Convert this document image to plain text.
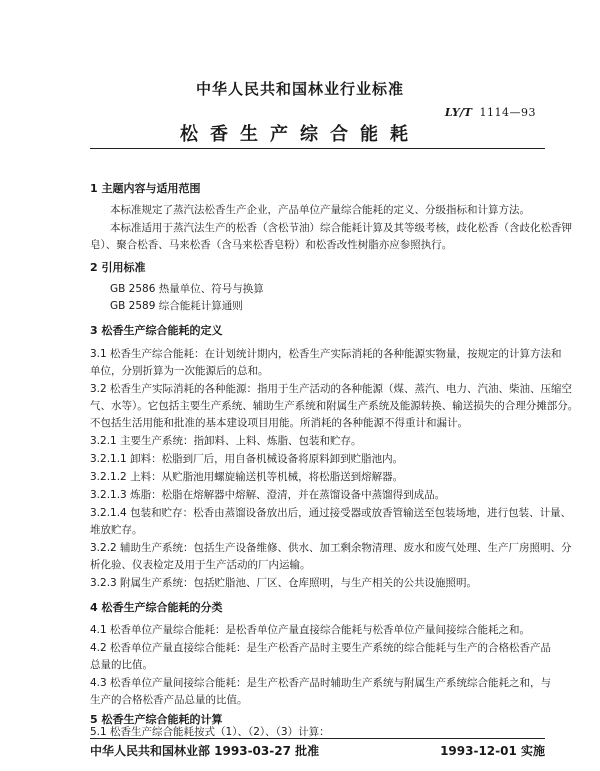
中华人民共和国林业行业标准
LY/T 1114—93
松香生产综合能耗
1 主题内容与适用范围
本标准规定了蒸汽法松香生产企业，产品单位产量综合能耗的定义、分级指标和计算方法。
本标准适用于蒸汽法生产的松香（含松节油）综合能耗计算及其等级考核，歧化松香（含歧化松香钾
皂）、聚合松香、马来松香（含马来松香皂粉）和松香改性树脂亦应参照执行。
2 引用标准
GB 2586 热量单位、符号与换算
GB 2589 综合能耗计算通则
3 松香生产综合能耗的定义
3.1 松香生产综合能耗：在计划统计期内，松香生产实际消耗的各种能源实物量，按规定的计算方法和
单位，分别折算为一次能源后的总和。
3.2 松香生产实际消耗的各种能源：指用于生产活动的各种能源（煤、蒸汽、电力、汽油、柴油、压缩空
气、水等）。它包括主要生产系统、辅助生产系统和附属生产系统及能源转换、输送损失的合理分摊部分。
不包括生活用能和批准的基本建设项目用能。所消耗的各种能源不得重计和漏计。
3.2.1 主要生产系统：指卸料、上料、炼脂、包装和贮存。
3.2.1.1 卸料：松脂到厂后，用自备机械设备将原料卸到贮脂池内。
3.2.1.2 上料：从贮脂池用螺旋输送机等机械，将松脂送到熔解器。
3.2.1.3 炼脂：松脂在熔解器中熔解、澄清，并在蒸馏设备中蒸馏得到成品。
3.2.1.4 包装和贮存：松香由蒸馏设备放出后，通过接受器或放香管输送至包装场地，进行包装、计量、
堆放贮存。
3.2.2 辅助生产系统：包括生产设备维修、供水、加工剩余物清理、废水和废气处理、生产厂房照明、分
析化验、仪表检定及用于生产活动的厂内运输。
3.2.3 附属生产系统：包括贮脂池、厂区、仓库照明，与生产相关的公共设施照明。
4 松香生产综合能耗的分类
4.1 松香单位产量综合能耗：是松香单位产量直接综合能耗与松香单位产量间接综合能耗之和。
4.2 松香单位产量直接综合能耗：是生产松香产品时主要生产系统的综合能耗与生产的合格松香产品
总量的比值。
4.3 松香单位产量间接综合能耗：是生产松香产品时辅助生产系统与附属生产系统综合能耗之和，与
生产的合格松香产品总量的比值。
5 松香生产综合能耗的计算
5.1 松香生产综合能耗按式（1）、（2）、（3）计算：
中华人民共和国林业部 1993-03-27 批准	1993-12-01 实施
